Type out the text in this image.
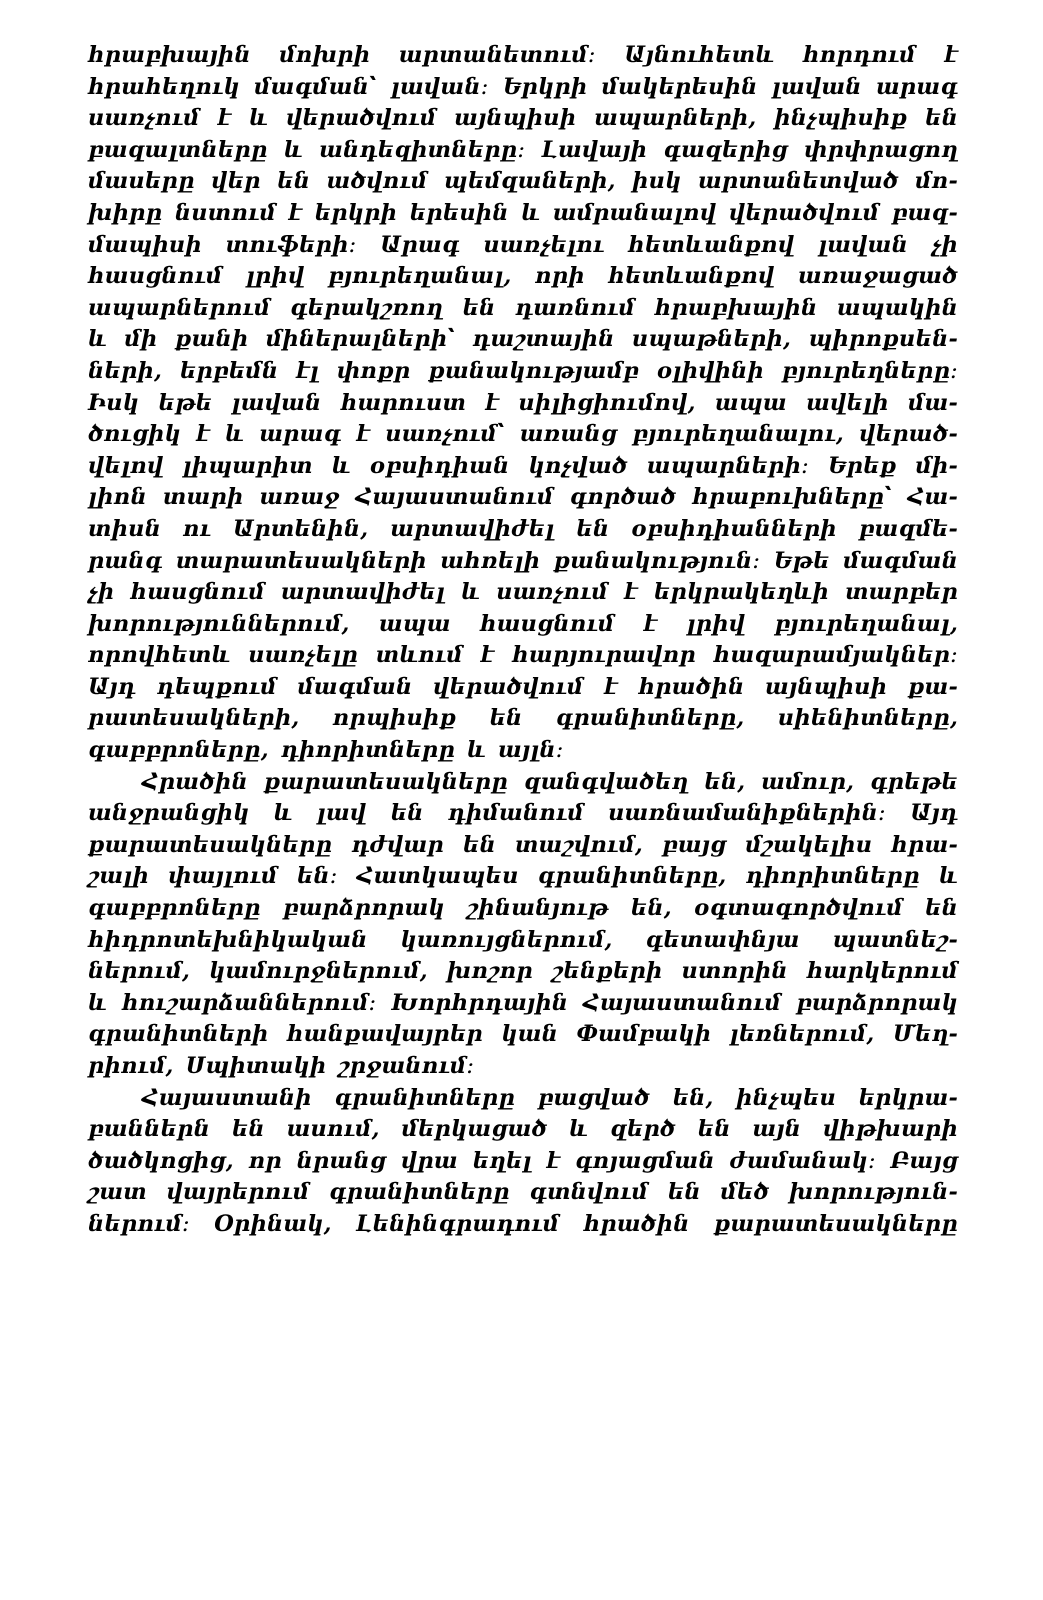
հրաբխային մոխրի արտանետում։ Այնուհետև հորդում է
հրահեղուկ մագման՝ լավան։ Երկրի մակերեսին լավան արագ
սառչում է և վերածվում այնպիսի ապարների, ինչպիսիք են
բազալտները և անդեզիտները։ Լավայի գազերից փրփրացող
մասերը վեր են ածվում պեմզաների, իսկ արտանետված մո-
խիրը նստում է երկրի երեսին և ամրանալով վերածվում բազ-
մապիսի տուֆերի։ Արագ սառչելու հետևանքով լավան չի
հասցնում լրիվ բյուրեղանալ, որի հետևանքով առաջացած
ապարներում գերակշռող են դառնում հրաբխային ապակին
և մի քանի միներալների՝ դաշտային սպաթների, պիրոքսեն-
ների, երբեմն էլ փոքր քանակությամբ օլիվինի բյուրեղները։
Իսկ եթե լավան հարուստ է սիլիցիումով, ապա ավելի մա-
ծուցիկ է և արագ է սառչում՝ առանց բյուրեղանալու, վերած-
վելով լիպարիտ և օբսիդիան կոչված ապարների։ Երեք մի-
լիոն տարի առաջ Հայաստանում գործած հրաբուխները՝ Հա-
տիսն ու Արտենին, արտավիժել են օբսիդիանների բազմե-
րանգ տարատեսակների ահռելի քանակություն։ Եթե մագման
չի հասցնում արտավիժել և սառչում է երկրակեղևի տարբեր
խորություններում, ապա հասցնում է լրիվ բյուրեղանալ,
որովհետև սառչելը տևում է հարյուրավոր հազարամյակներ։
Այդ դեպքում մագման վերածվում է հրածին այնպիսի քա-
րատեսակների, որպիսիք են գրանիտները, սիենիտները,
գաբբրոները, դիորիտները և այլն։
Հրածին քարատեսակները զանգվածեղ են, ամուր, գրեթե
անջրանցիկ և լավ են դիմանում սառնամանիքներին։ Այդ
քարատեսակները դժվար են տաշվում, բայց մշակելիս հրա-
շալի փայլում են։ Հատկապես գրանիտները, դիորիտները և
գաբբրոները բարձրորակ շինանյութ են, օգտագործվում են
հիդրոտեխնիկական կառույցներում, գետափնյա պատնեշ-
ներում, կամուրջներում, խոշոր շենքերի ստորին հարկերում
և հուշարձաններում։ Խորհրդային Հայաստանում բարձրորակ
գրանիտների հանքավայրեր կան Փամբակի լեռներում, Մեղ-
րիում, Սպիտակի շրջանում։
Հայաստանի գրանիտները բացված են, ինչպես երկրա-
բաններն են ասում, մերկացած և զերծ են այն վիթխարի
ծածկոցից, որ նրանց վրա եղել է գոյացման ժամանակ։ Բայց
շատ վայրերում գրանիտները գտնվում են մեծ խորություն-
ներում։ Օրինակ, Լենինգրադում հրածին քարատեսակները
